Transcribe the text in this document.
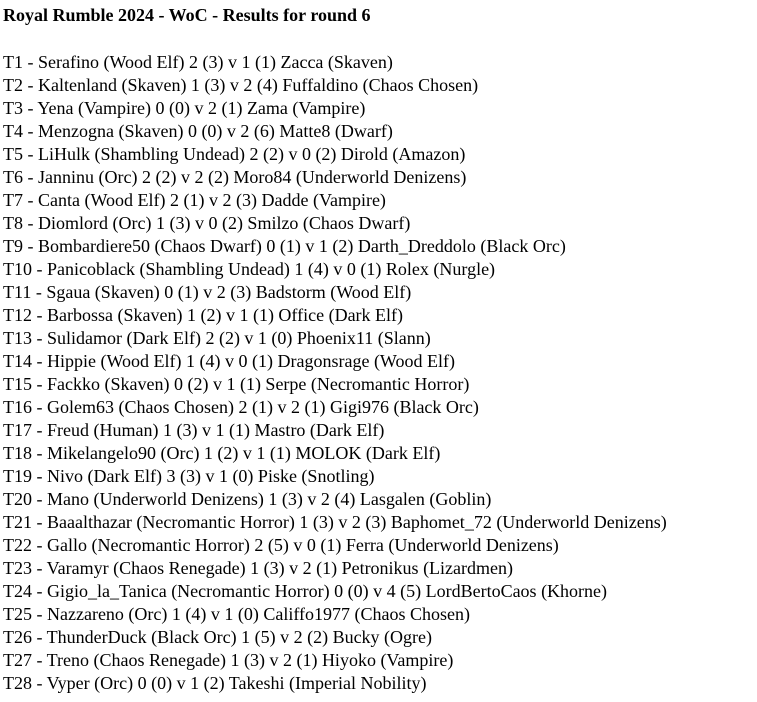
Royal Rumble 2024 - WoC - Results for round 6
T1 - Serafino (Wood Elf) 2 (3) v 1 (1) Zacca (Skaven)
T2 - Kaltenland (Skaven) 1 (3) v 2 (4) Fuffaldino (Chaos Chosen)
T3 - Yena (Vampire) 0 (0) v 2 (1) Zama (Vampire)
T4 - Menzogna (Skaven) 0 (0) v 2 (6) Matte8 (Dwarf)
T5 - LiHulk (Shambling Undead) 2 (2) v 0 (2) Dirold (Amazon)
T6 - Janninu (Orc) 2 (2) v 2 (2) Moro84 (Underworld Denizens)
T7 - Canta (Wood Elf) 2 (1) v 2 (3) Dadde (Vampire)
T8 - Diomlord (Orc) 1 (3) v 0 (2) Smilzo (Chaos Dwarf)
T9 - Bombardiere50 (Chaos Dwarf) 0 (1) v 1 (2) Darth_Dreddolo (Black Orc)
T10 - Panicoblack (Shambling Undead) 1 (4) v 0 (1) Rolex (Nurgle)
T11 - Sgaua (Skaven) 0 (1) v 2 (3) Badstorm (Wood Elf)
T12 - Barbossa (Skaven) 1 (2) v 1 (1) Office (Dark Elf)
T13 - Sulidamor (Dark Elf) 2 (2) v 1 (0) Phoenix11 (Slann)
T14 - Hippie (Wood Elf) 1 (4) v 0 (1) Dragonsrage (Wood Elf)
T15 - Fackko (Skaven) 0 (2) v 1 (1) Serpe (Necromantic Horror)
T16 - Golem63 (Chaos Chosen) 2 (1) v 2 (1) Gigi976 (Black Orc)
T17 - Freud (Human) 1 (3) v 1 (1) Mastro (Dark Elf)
T18 - Mikelangelo90 (Orc) 1 (2) v 1 (1) MOLOK (Dark Elf)
T19 - Nivo (Dark Elf) 3 (3) v 1 (0) Piske (Snotling)
T20 - Mano (Underworld Denizens) 1 (3) v 2 (4) Lasgalen (Goblin)
T21 - Baaalthazar (Necromantic Horror) 1 (3) v 2 (3) Baphomet_72 (Underworld Denizens)
T22 - Gallo (Necromantic Horror) 2 (5) v 0 (1) Ferra (Underworld Denizens)
T23 - Varamyr (Chaos Renegade) 1 (3) v 2 (1) Petronikus (Lizardmen)
T24 - Gigio_la_Tanica (Necromantic Horror) 0 (0) v 4 (5) LordBertoCaos (Khorne)
T25 - Nazzareno (Orc) 1 (4) v 1 (0) Califfo1977 (Chaos Chosen)
T26 - ThunderDuck (Black Orc) 1 (5) v 2 (2) Bucky (Ogre)
T27 - Treno (Chaos Renegade) 1 (3) v 2 (1) Hiyoko (Vampire)
T28 - Vyper (Orc) 0 (0) v 1 (2) Takeshi (Imperial Nobility)
